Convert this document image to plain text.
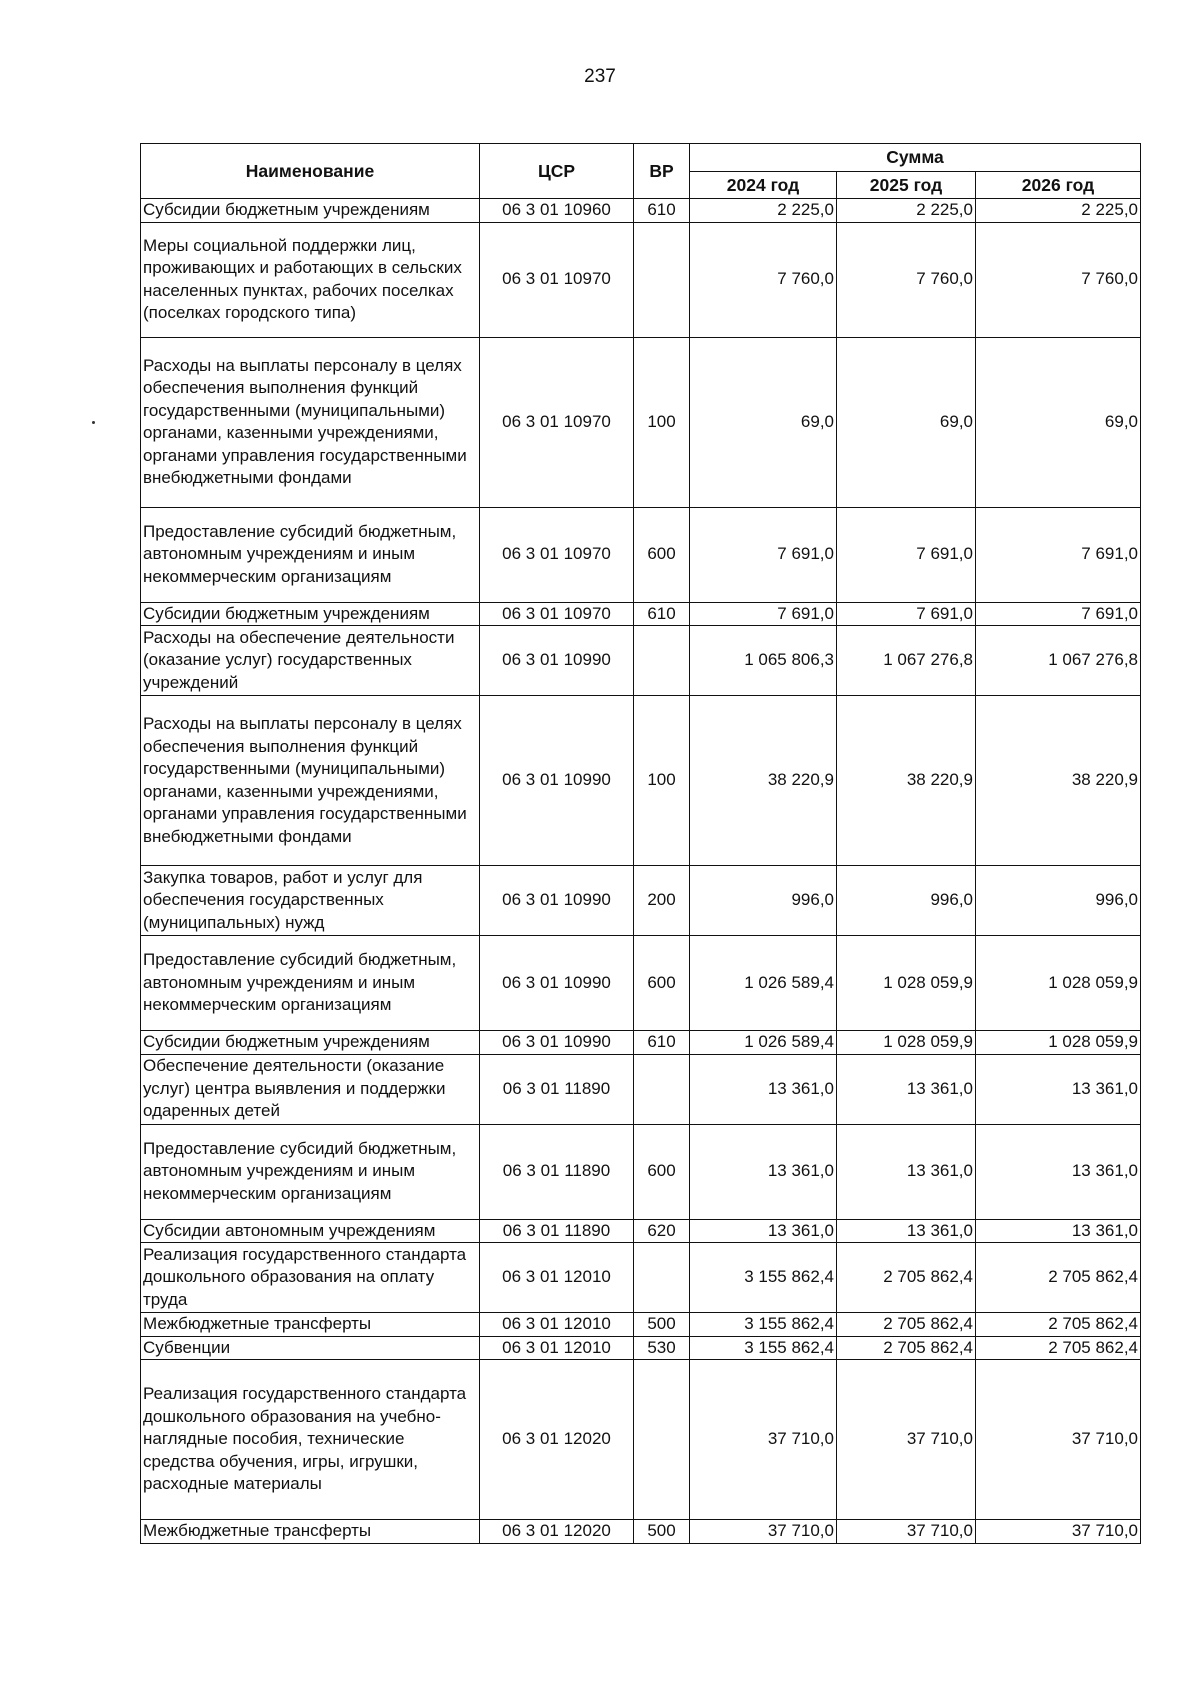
237
Наименование	ЦСР	ВР	Сумма		
			2024 год	2025 год	2026 год
Субсидии бюджетным учреждениям	06 3 01 10960	610	2 225,0	2 225,0	2 225,0
Меры социальной поддержки лиц, проживающих и работающих в сельских населенных пунктах, рабочих поселках (поселках городского типа)	06 3 01 10970		7 760,0	7 760,0	7 760,0
Расходы на выплаты персоналу в целях обеспечения выполнения функций государственными (муниципальными) органами, казенными учреждениями, органами управления государственными внебюджетными фондами	06 3 01 10970	100	69,0	69,0	69,0
Предоставление субсидий бюджетным, автономным учреждениям и иным некоммерческим организациям	06 3 01 10970	600	7 691,0	7 691,0	7 691,0
Субсидии бюджетным учреждениям	06 3 01 10970	610	7 691,0	7 691,0	7 691,0
Расходы на обеспечение деятельности (оказание услуг) государственных учреждений	06 3 01 10990		1 065 806,3	1 067 276,8	1 067 276,8
Расходы на выплаты персоналу в целях обеспечения выполнения функций государственными (муниципальными) органами, казенными учреждениями, органами управления государственными внебюджетными фондами	06 3 01 10990	100	38 220,9	38 220,9	38 220,9
Закупка товаров, работ и услуг для обеспечения государственных (муниципальных) нужд	06 3 01 10990	200	996,0	996,0	996,0
Предоставление субсидий бюджетным, автономным учреждениям и иным некоммерческим организациям	06 3 01 10990	600	1 026 589,4	1 028 059,9	1 028 059,9
Субсидии бюджетным учреждениям	06 3 01 10990	610	1 026 589,4	1 028 059,9	1 028 059,9
Обеспечение деятельности (оказание услуг) центра выявления и поддержки одаренных детей	06 3 01 11890		13 361,0	13 361,0	13 361,0
Предоставление субсидий бюджетным, автономным учреждениям и иным некоммерческим организациям	06 3 01 11890	600	13 361,0	13 361,0	13 361,0
Субсидии автономным учреждениям	06 3 01 11890	620	13 361,0	13 361,0	13 361,0
Реализация государственного стандарта дошкольного образования на оплату труда	06 3 01 12010		3 155 862,4	2 705 862,4	2 705 862,4
Межбюджетные трансферты	06 3 01 12010	500	3 155 862,4	2 705 862,4	2 705 862,4
Субвенции	06 3 01 12010	530	3 155 862,4	2 705 862,4	2 705 862,4
Реализация государственного стандарта дошкольного образования на учебно-наглядные пособия, технические средства обучения, игры, игрушки, расходные материалы	06 3 01 12020		37 710,0	37 710,0	37 710,0
Межбюджетные трансферты	06 3 01 12020	500	37 710,0	37 710,0	37 710,0
